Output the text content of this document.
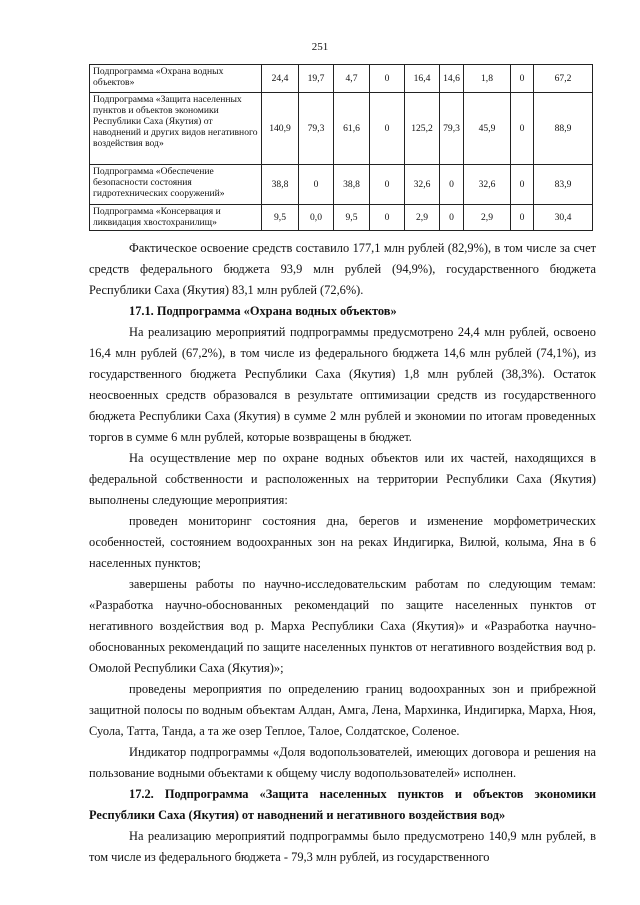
251
Подпрограмма «Охрана водных объектов»	24,4	19,7	4,7	0	16,4	14,6	1,8	0	67,2
Подпрограмма «Защита населенных пунктов и объектов экономики Республики Саха (Якутия) от наводнений и других видов негативного воздействия вод»	140,9	79,3	61,6	0	125,2	79,3	45,9	0	88,9
Подпрограмма «Обеспечение безопасности состояния гидротехнических сооружений»	38,8	0	38,8	0	32,6	0	32,6	0	83,9
Подпрограмма «Консервация и ликвидация хвостохранилищ»	9,5	0,0	9,5	0	2,9	0	2,9	0	30,4

Фактическое освоение средств составило 177,1 млн рублей (82,9%), в том числе за счет средств федерального бюджета 93,9 млн рублей (94,9%), государственного бюджета Республики Саха (Якутия) 83,1 млн рублей (72,6%).

17.1. Подпрограмма «Охрана водных объектов»

На реализацию мероприятий подпрограммы предусмотрено 24,4 млн рублей, освоено 16,4 млн рублей (67,2%), в том числе из федерального бюджета 14,6 млн рублей (74,1%), из государственного бюджета Республики Саха (Якутия) 1,8 млн рублей (38,3%). Остаток неосвоенных средств образовался в результате оптимизации средств из государственного бюджета Республики Саха (Якутия) в сумме 2 млн рублей и экономии по итогам проведенных торгов в сумме 6 млн рублей, которые возвращены в бюджет.

На осуществление мер по охране водных объектов или их частей, находящихся в федеральной собственности и расположенных на территории Республики Саха (Якутия) выполнены следующие мероприятия:

проведен мониторинг состояния дна, берегов и изменение морфометрических особенностей, состоянием водоохранных зон на реках Индигирка, Вилюй, колыма, Яна в 6 населенных пунктов;

завершены работы по научно-исследовательским работам по следующим темам: «Разработка научно-обоснованных рекомендаций по защите населенных пунктов от негативного воздействия вод р. Марха Республики Саха (Якутия)» и «Разработка научно-обоснованных рекомендаций по защите населенных пунктов от негативного воздействия вод р. Омолой Республики Саха (Якутия)»;

проведены мероприятия по определению границ водоохранных зон и прибрежной защитной полосы по водным объектам Алдан, Амга, Лена, Мархинка, Индигирка, Марха, Нюя, Суола, Татта, Танда, а та же озер Теплое, Талое, Солдатское, Соленое.

Индикатор подпрограммы «Доля водопользователей, имеющих договора и решения на пользование водными объектами к общему числу водопользователей» исполнен.

17.2. Подпрограмма «Защита населенных пунктов и объектов экономики Республики Саха (Якутия) от наводнений и негативного воздействия вод»

На реализацию мероприятий подпрограммы было предусмотрено 140,9 млн рублей, в том числе из федерального бюджета - 79,3 млн рублей, из государственного
